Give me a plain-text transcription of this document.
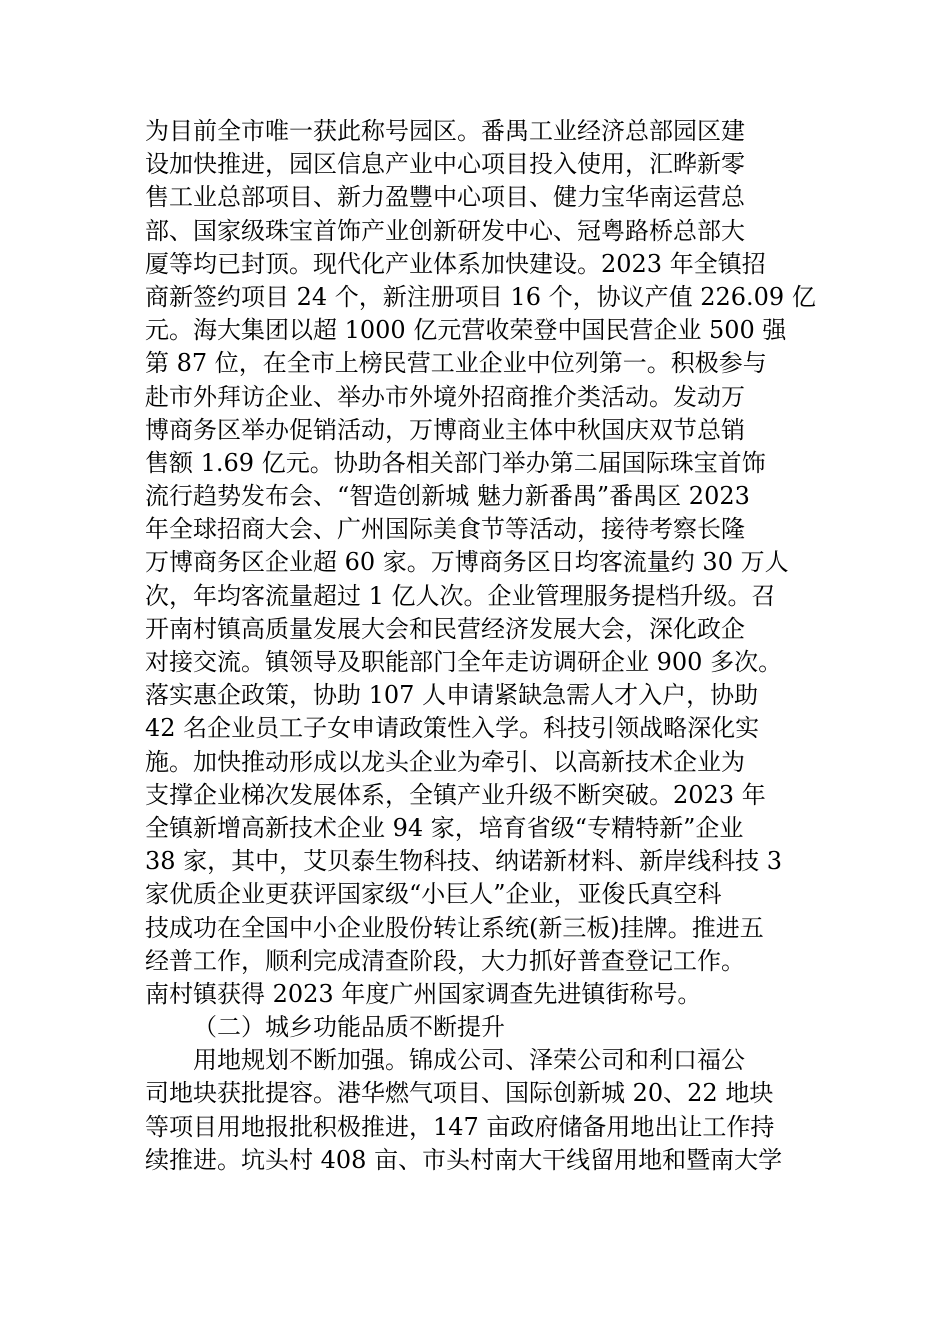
为目前全市唯一获此称号园区。番禺工业经济总部园区建
设加快推进，园区信息产业中心项目投入使用，汇晔新零
售工业总部项目、新力盈豐中心项目、健力宝华南运营总
部、国家级珠宝首饰产业创新研发中心、冠粤路桥总部大
厦等均已封顶。现代化产业体系加快建设。2023 年全镇招
商新签约项目 24 个，新注册项目 16 个，协议产值 226.09 亿
元。海大集团以超 1000 亿元营收荣登中国民营企业 500 强
第 87 位，在全市上榜民营工业企业中位列第一。积极参与
赴市外拜访企业、举办市外境外招商推介类活动。发动万
博商务区举办促销活动，万博商业主体中秋国庆双节总销
售额 1.69 亿元。协助各相关部门举办第二届国际珠宝首饰
流行趋势发布会、“智造创新城 魅力新番禺”番禺区 2023
年全球招商大会、广州国际美食节等活动，接待考察长隆
万博商务区企业超 60 家。万博商务区日均客流量约 30 万人
次，年均客流量超过 1 亿人次。企业管理服务提档升级。召
开南村镇高质量发展大会和民营经济发展大会，深化政企
对接交流。镇领导及职能部门全年走访调研企业 900 多次。
落实惠企政策，协助 107 人申请紧缺急需人才入户，协助
42 名企业员工子女申请政策性入学。科技引领战略深化实
施。加快推动形成以龙头企业为牵引、以高新技术企业为
支撑企业梯次发展体系，全镇产业升级不断突破。2023 年
全镇新增高新技术企业 94 家，培育省级“专精特新”企业
38 家，其中，艾贝泰生物科技、纳诺新材料、新岸线科技 3
家优质企业更获评国家级“小巨人”企业，亚俊氏真空科
技成功在全国中小企业股份转让系统(新三板)挂牌。推进五
经普工作，顺利完成清查阶段，大力抓好普查登记工作。
南村镇获得 2023 年度广州国家调查先进镇街称号。
（二）城乡功能品质不断提升
用地规划不断加强。锦成公司、泽荣公司和利口福公
司地块获批提容。港华燃气项目、国际创新城 20、22 地块
等项目用地报批积极推进，147 亩政府储备用地出让工作持
续推进。坑头村 408 亩、市头村南大干线留用地和暨南大学
